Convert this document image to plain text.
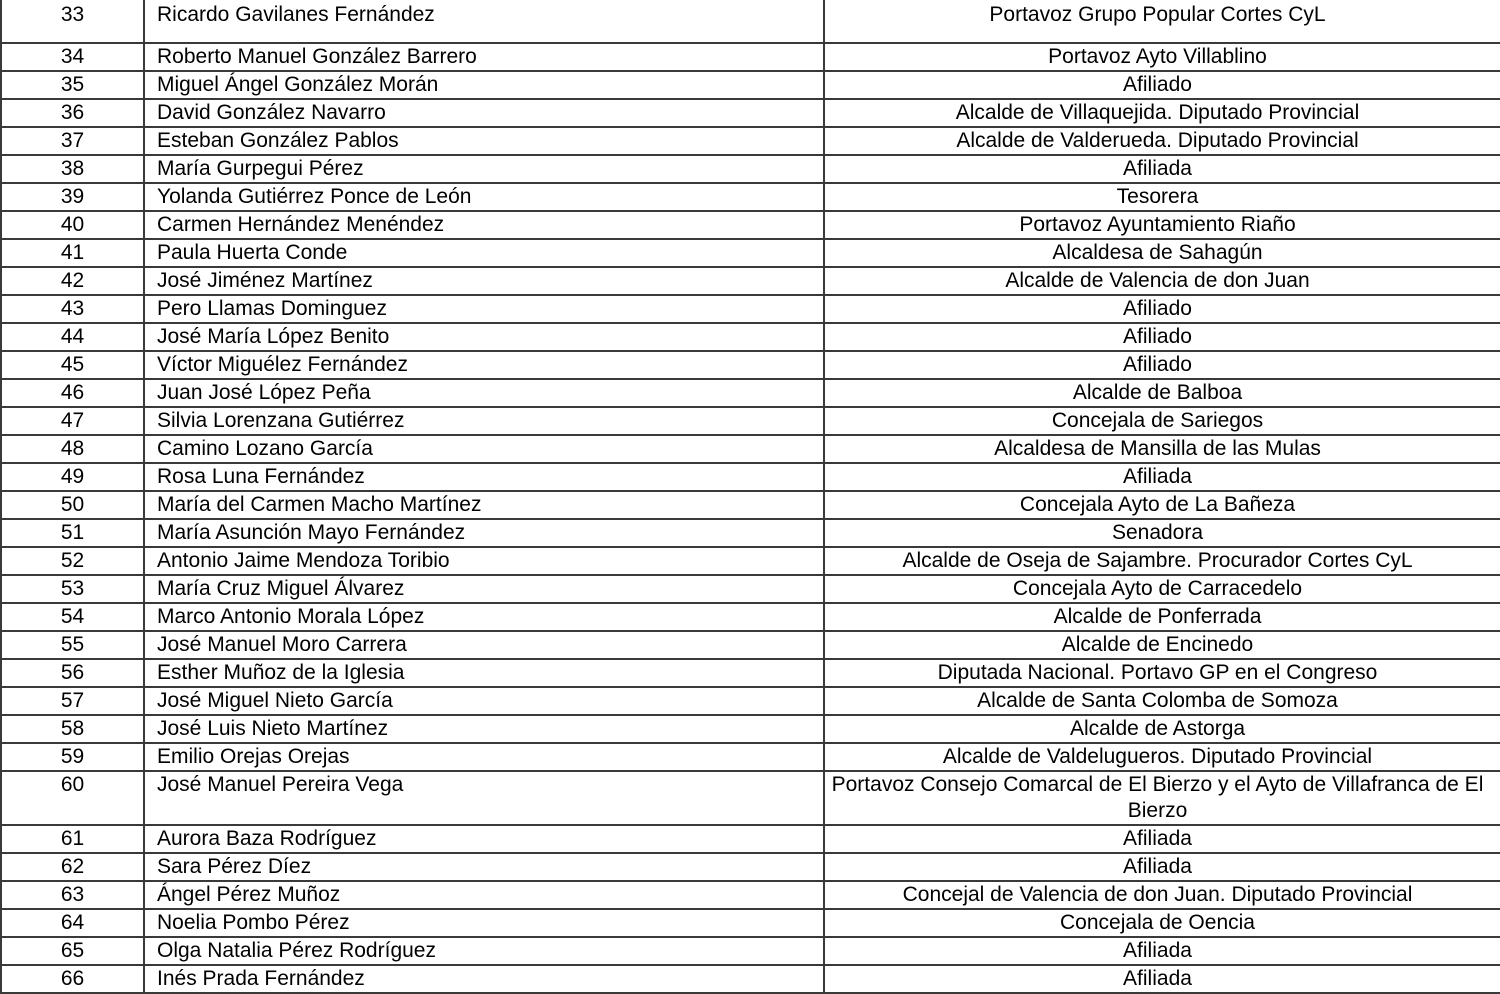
33	Ricardo Gavilanes Fernández	Portavoz Grupo Popular Cortes CyL
34	Roberto Manuel González Barrero	Portavoz Ayto Villablino
35	Miguel Ángel González Morán	Afiliado
36	David González Navarro	Alcalde de Villaquejida. Diputado Provincial
37	Esteban González Pablos	Alcalde de Valderueda. Diputado Provincial
38	María Gurpegui Pérez	Afiliada
39	Yolanda Gutiérrez Ponce de León	Tesorera
40	Carmen Hernández Menéndez	Portavoz Ayuntamiento Riaño
41	Paula Huerta Conde	Alcaldesa de Sahagún
42	José Jiménez Martínez	Alcalde de Valencia de don Juan
43	Pero Llamas Dominguez	Afiliado
44	José María López Benito	Afiliado
45	Víctor Miguélez Fernández	Afiliado
46	Juan José López Peña	Alcalde de Balboa
47	Silvia Lorenzana Gutiérrez	Concejala de Sariegos
48	Camino Lozano García	Alcaldesa de Mansilla de las Mulas
49	Rosa Luna Fernández	Afiliada
50	María del Carmen Macho Martínez	Concejala Ayto de La Bañeza
51	María Asunción Mayo Fernández	Senadora
52	Antonio Jaime Mendoza Toribio	Alcalde de Oseja de Sajambre. Procurador Cortes CyL
53	María Cruz Miguel Álvarez	Concejala Ayto de Carracedelo
54	Marco Antonio Morala López	Alcalde de Ponferrada
55	José Manuel Moro Carrera	Alcalde de Encinedo
56	Esther Muñoz de la Iglesia	Diputada Nacional. Portavo GP en el Congreso
57	José Miguel Nieto García	Alcalde de Santa Colomba de Somoza
58	José Luis Nieto Martínez	Alcalde de Astorga
59	Emilio Orejas Orejas	Alcalde de Valdelugueros. Diputado Provincial
60	José Manuel Pereira Vega	Portavoz Consejo Comarcal de El Bierzo y el Ayto de Villafranca de El Bierzo
61	Aurora Baza Rodríguez	Afiliada
62	Sara Pérez Díez	Afiliada
63	Ángel Pérez Muñoz	Concejal de Valencia de don Juan. Diputado Provincial
64	Noelia Pombo Pérez	Concejala de Oencia
65	Olga Natalia Pérez Rodríguez	Afiliada
66	Inés Prada Fernández	Afiliada
